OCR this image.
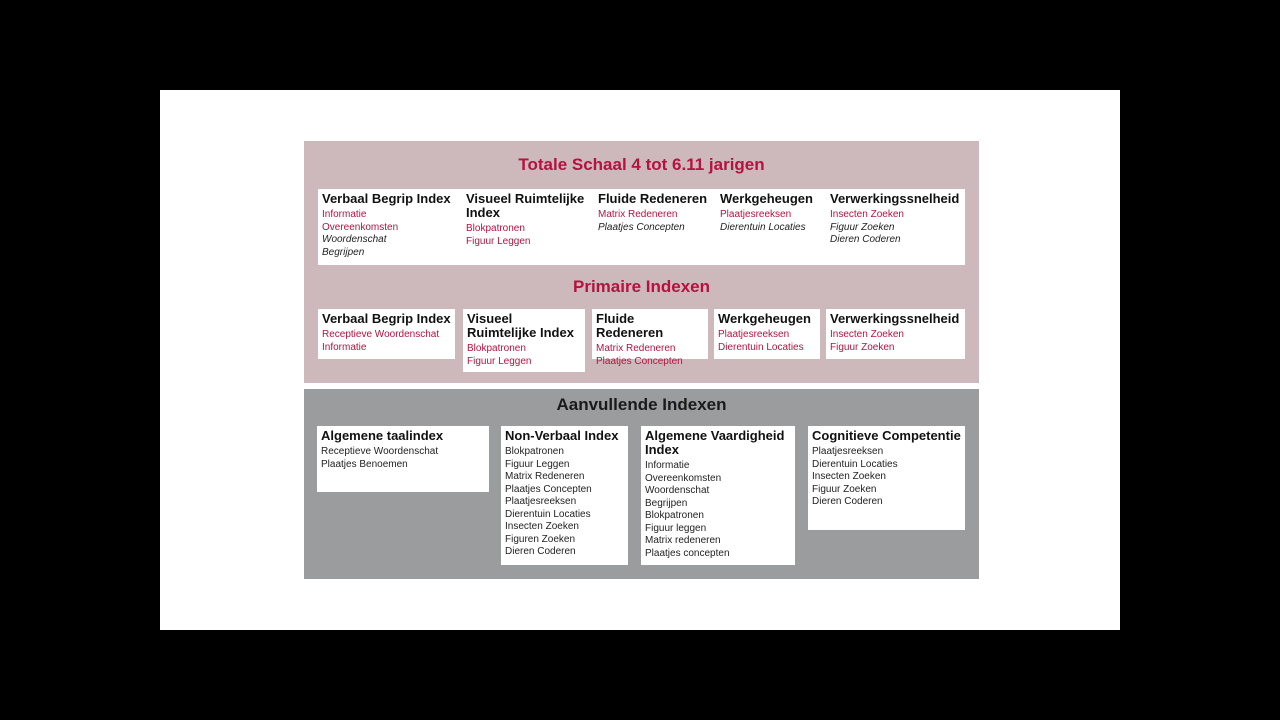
Totale Schaal 4 tot 6.11 jarigen
Verbaal Begrip Index
Informatie
Overeenkomsten
Woordenschat
Begrijpen
Visueel Ruimtelijke Index
Blokpatronen
Figuur Leggen
Fluide Redeneren
Matrix Redeneren
Plaatjes Concepten
Werkgeheugen
Plaatjesreeksen
Dierentuin Locaties
Verwerkingssnelheid
Insecten Zoeken
Figuur Zoeken
Dieren Coderen
Primaire Indexen
Verbaal Begrip Index
Receptieve Woordenschat
Informatie
Visueel Ruimtelijke Index
Blokpatronen
Figuur Leggen
Fluide Redeneren
Matrix Redeneren
Plaatjes Concepten
Werkgeheugen
Plaatjesreeksen
Dierentuin Locaties
Verwerkingssnelheid
Insecten Zoeken
Figuur Zoeken
Aanvullende Indexen
Algemene taalindex
Receptieve Woordenschat
Plaatjes Benoemen
Non-Verbaal Index
Blokpatronen
Figuur Leggen
Matrix Redeneren
Plaatjes Concepten
Plaatjesreeksen
Dierentuin Locaties
Insecten Zoeken
Figuren Zoeken
Dieren Coderen
Algemene Vaardigheid Index
Informatie
Overeenkomsten
Woordenschat
Begrijpen
Blokpatronen
Figuur leggen
Matrix redeneren
Plaatjes concepten
Cognitieve Competentie
Plaatjesreeksen
Dierentuin Locaties
Insecten Zoeken
Figuur Zoeken
Dieren Coderen
